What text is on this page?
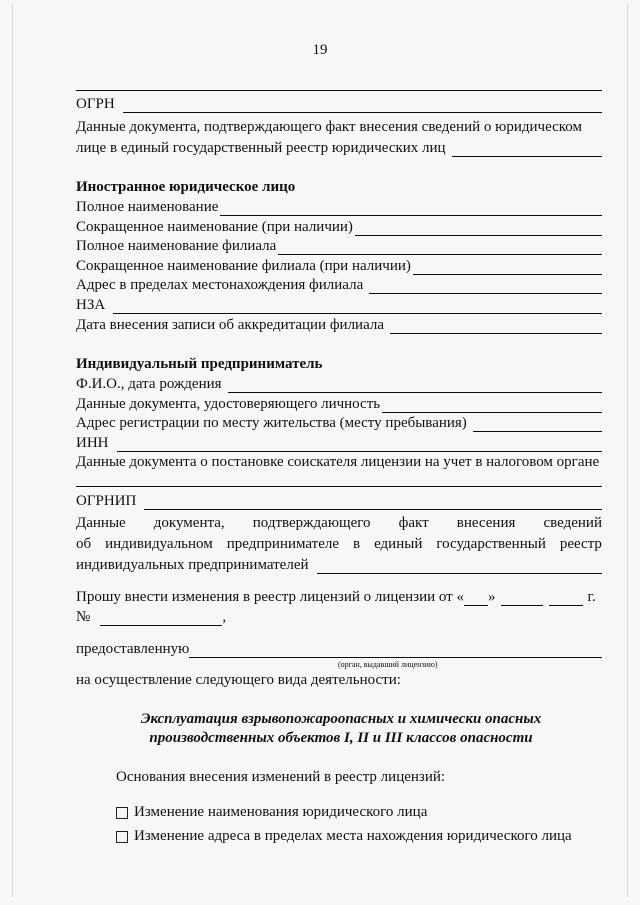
19
ОГРН
Данные документа, подтверждающего факт внесения сведений о юридическом
лице в единый государственный реестр юридических лиц
Иностранное юридическое лицо
Полное наименование
Сокращенное наименование (при наличии)
Полное наименование филиала
Сокращенное наименование филиала (при наличии)
Адрес в пределах местонахождения филиала
НЗА
Дата внесения записи об аккредитации филиала
Индивидуальный предприниматель
Ф.И.О., дата рождения
Данные документа, удостоверяющего личность
Адрес регистрации по месту жительства (месту пребывания)
ИНН
Данные документа о постановке соискателя лицензии на учет в налоговом органе
ОГРНИП
Данные документа, подтверждающего факт внесения сведений
об индивидуальном предпринимателе в единый государственный реестр
индивидуальных предпринимателей
Прошу внести изменения в реестр лицензий о лицензии от « »	г.
№	,
предоставленную
(орган, выдавший лицензию)
на осуществление следующего вида деятельности:
Эксплуатация взрывопожароопасных и химически опасных
производственных объектов I, II и III классов опасности
Основания внесения изменений в реестр лицензий:
Изменение наименования юридического лица
Изменение адреса в пределах места нахождения юридического лица
